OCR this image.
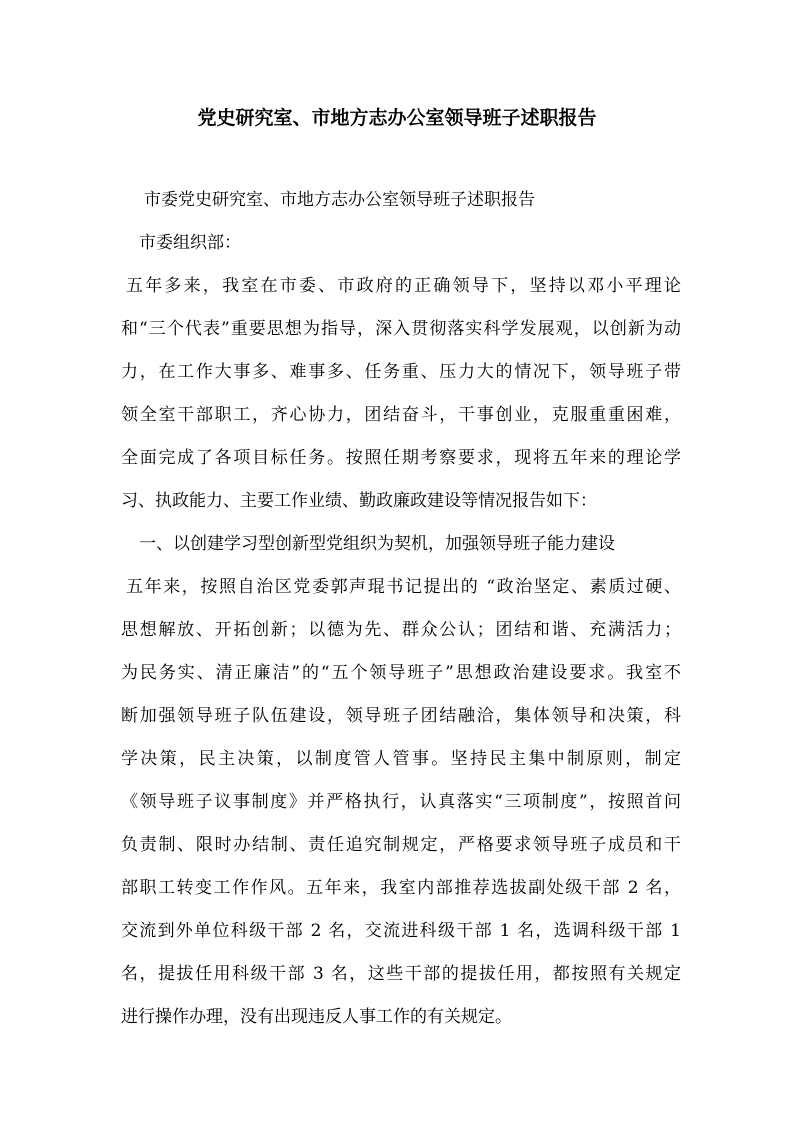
党史研究室、市地方志办公室领导班子述职报告
市委党史研究室、市地方志办公室领导班子述职报告
市委组织部：
五年多来，我室在市委、市政府的正确领导下，坚持以邓小平理论
和“三个代表”重要思想为指导，深入贯彻落实科学发展观，以创新为动
力，在工作大事多、难事多、任务重、压力大的情况下，领导班子带
领全室干部职工，齐心协力，团结奋斗，干事创业，克服重重困难，
全面完成了各项目标任务。按照任期考察要求，现将五年来的理论学
习、执政能力、主要工作业绩、勤政廉政建设等情况报告如下：
一、以创建学习型创新型党组织为契机，加强领导班子能力建设
五年来，按照自治区党委郭声琨书记提出的 “政治坚定、素质过硬、
思想解放、开拓创新；以德为先、群众公认；团结和谐、充满活力；
为民务实、清正廉洁”的“五个领导班子”思想政治建设要求。我室不
断加强领导班子队伍建设，领导班子团结融洽，集体领导和决策，科
学决策，民主决策，以制度管人管事。坚持民主集中制原则，制定
《领导班子议事制度》并严格执行，认真落实“三项制度”，按照首问
负责制、限时办结制、责任追究制规定，严格要求领导班子成员和干
部职工转变工作作风。五年来，我室内部推荐选拔副处级干部 2 名，
交流到外单位科级干部 2 名，交流进科级干部 1 名，选调科级干部 1
名，提拔任用科级干部 3 名，这些干部的提拔任用，都按照有关规定
进行操作办理，没有出现违反人事工作的有关规定。
